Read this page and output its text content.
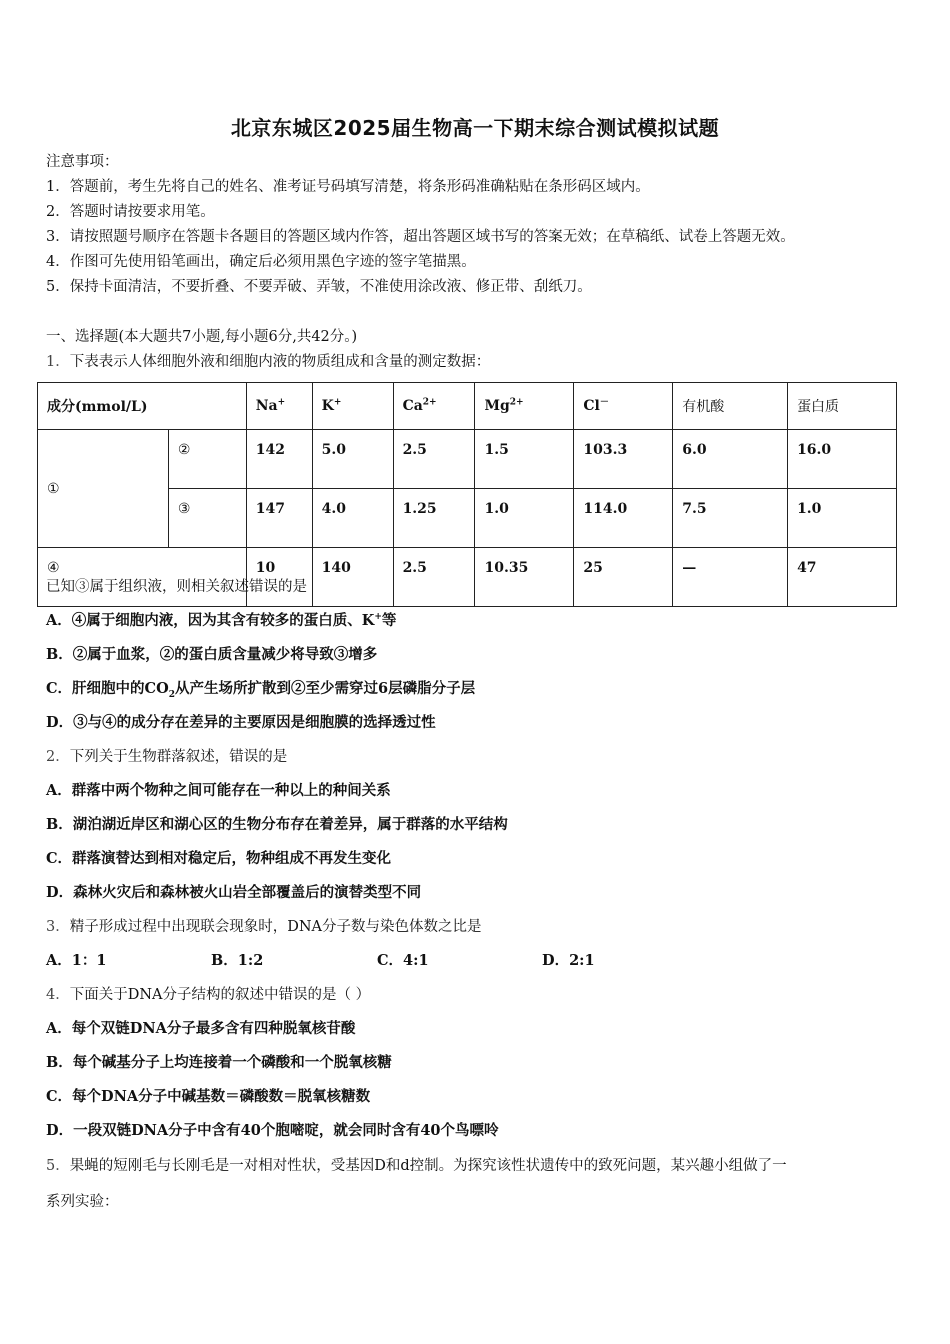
北京东城区2025届生物高一下期末综合测试模拟试题
注意事项：
1．答题前，考生先将自己的姓名、准考证号码填写清楚，将条形码准确粘贴在条形码区域内。
2．答题时请按要求用笔。
3．请按照题号顺序在答题卡各题目的答题区域内作答，超出答题区域书写的答案无效；在草稿纸、试卷上答题无效。
4．作图可先使用铅笔画出，确定后必须用黑色字迹的签字笔描黑。
5．保持卡面清洁，不要折叠、不要弄破、弄皱，不准使用涂改液、修正带、刮纸刀。
一、选择题(本大题共7小题,每小题6分,共42分。)
1．下表表示人体细胞外液和细胞内液的物质组成和含量的测定数据：
成分(mmol/L)		Na+	K+	$Ca^{2+}$	$Mg^{2+}$	Cl－	有机酸	蛋白质
①	②	142	5.0	2.5	1.5	103.3	6.0	16.0
	③	147	4.0	1.25	1.0	114.0	7.5	1.0
④		10	140	2.5	10.35	25	—	47
已知③属于组织液，则相关叙述错误的是
A．④属于细胞内液，因为其含有较多的蛋白质、K+等
B．②属于血浆，②的蛋白质含量减少将导致③增多
C．肝细胞中的$CO_2$从产生场所扩散到②至少需穿过6层磷脂分子层
D．③与④的成分存在差异的主要原因是细胞膜的选择透过性
2．下列关于生物群落叙述，错误的是
A．群落中两个物种之间可能存在一种以上的种间关系
B．湖泊湖近岸区和湖心区的生物分布存在着差异，属于群落的水平结构
C．群落演替达到相对稳定后，物种组成不再发生变化
D．森林火灾后和森林被火山岩全部覆盖后的演替类型不同
3．精子形成过程中出现联会现象时，DNA分子数与染色体数之比是
A．1：1	B．1:2	C．4:1	D．2:1
4．下面关于DNA分子结构的叙述中错误的是（ ）
A．每个双链DNA分子最多含有四种脱氧核苷酸
B．每个碱基分子上均连接着一个磷酸和一个脱氧核糖
C．每个DNA分子中碱基数＝磷酸数＝脱氧核糖数
D．一段双链DNA分子中含有40个胞嘧啶，就会同时含有40个鸟嘌呤
5．果蝇的短刚毛与长刚毛是一对相对性状，受基因D和d控制。为探究该性状遗传中的致死问题，某兴趣小组做了一
系列实验：
